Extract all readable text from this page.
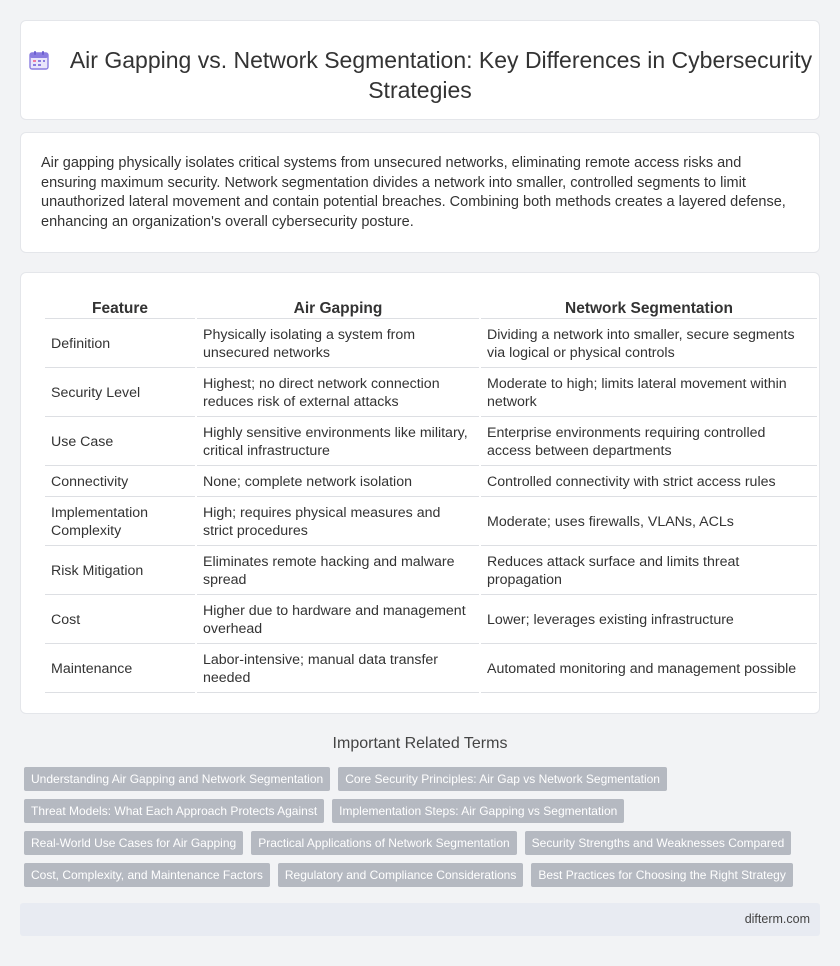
Air Gapping vs. Network Segmentation: Key Differences in Cybersecurity Strategies

Air gapping physically isolates critical systems from unsecured networks, eliminating remote access risks and ensuring maximum security. Network segmentation divides a network into smaller, controlled segments to limit unauthorized lateral movement and contain potential breaches. Combining both methods creates a layered defense, enhancing an organization's overall cybersecurity posture.

Feature	Air Gapping	Network Segmentation
Definition	Physically isolating a system from unsecured networks	Dividing a network into smaller, secure segments via logical or physical controls
Security Level	Highest; no direct network connection reduces risk of external attacks	Moderate to high; limits lateral movement within network
Use Case	Highly sensitive environments like military, critical infrastructure	Enterprise environments requiring controlled access between departments
Connectivity	None; complete network isolation	Controlled connectivity with strict access rules
Implementation Complexity	High; requires physical measures and strict procedures	Moderate; uses firewalls, VLANs, ACLs
Risk Mitigation	Eliminates remote hacking and malware spread	Reduces attack surface and limits threat propagation
Cost	Higher due to hardware and management overhead	Lower; leverages existing infrastructure
Maintenance	Labor-intensive; manual data transfer needed	Automated monitoring and management possible
Important Related Terms
Understanding Air Gapping and Network Segmentation	Core Security Principles: Air Gap vs Network Segmentation
Threat Models: What Each Approach Protects Against	Implementation Steps: Air Gapping vs Segmentation
Real-World Use Cases for Air Gapping	Practical Applications of Network Segmentation	Security Strengths and Weaknesses Compared
Cost, Complexity, and Maintenance Factors	Regulatory and Compliance Considerations	Best Practices for Choosing the Right Strategy
difterm.com
